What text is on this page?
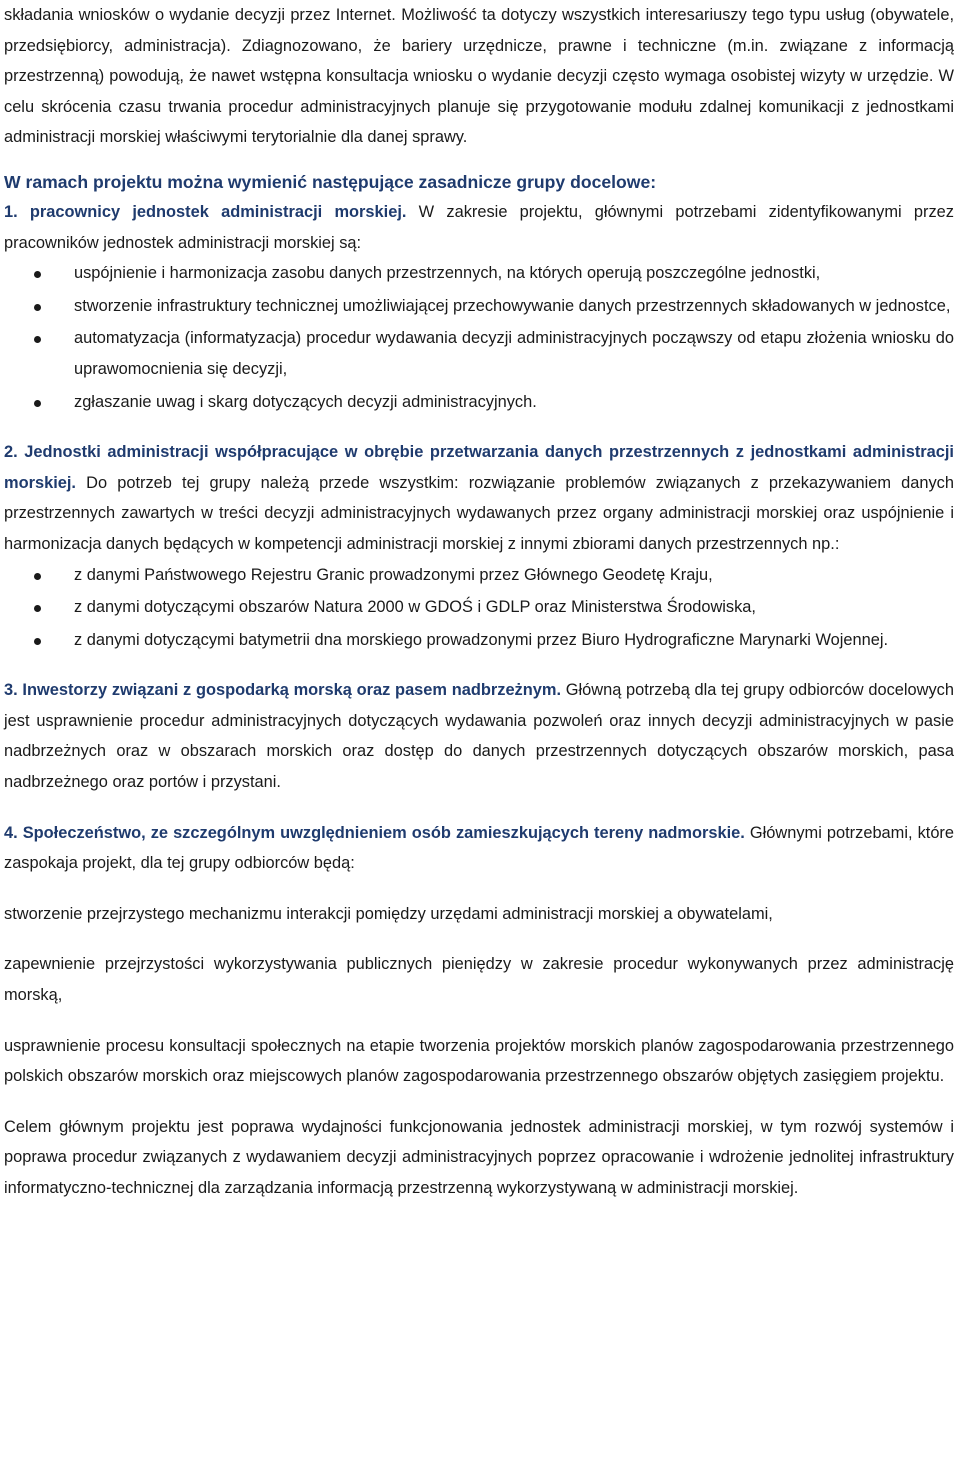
składania wniosków o wydanie decyzji przez Internet. Możliwość ta dotyczy wszystkich interesariuszy tego typu usług (obywatele, przedsiębiorcy, administracja). Zdiagnozowano, że bariery urzędnicze, prawne i techniczne (m.in. związane z informacją przestrzenną) powodują, że nawet wstępna konsultacja wniosku o wydanie decyzji często wymaga osobistej wizyty w urzędzie. W celu skrócenia czasu trwania procedur administracyjnych planuje się przygotowanie modułu zdalnej komunikacji z jednostkami administracji morskiej właściwymi terytorialnie dla danej sprawy.

W ramach projektu można wymienić następujące zasadnicze grupy docelowe:

1. pracownicy jednostek administracji morskiej. W zakresie projektu, głównymi potrzebami zidentyfikowanymi przez pracowników jednostek administracji morskiej są:

uspójnienie i harmonizacja zasobu danych przestrzennych, na których operują poszczególne jednostki,
stworzenie infrastruktury technicznej umożliwiającej przechowywanie danych przestrzennych składowanych w jednostce,
automatyzacja (informatyzacja) procedur wydawania decyzji administracyjnych począwszy od etapu złożenia wniosku do uprawomocnienia się decyzji,
zgłaszanie uwag i skarg dotyczących decyzji administracyjnych.

2. Jednostki administracji współpracujące w obrębie przetwarzania danych przestrzennych z jednostkami administracji morskiej. Do potrzeb tej grupy należą przede wszystkim: rozwiązanie problemów związanych z przekazywaniem danych przestrzennych zawartych w treści decyzji administracyjnych wydawanych przez organy administracji morskiej oraz uspójnienie i harmonizacja danych będących w kompetencji administracji morskiej z innymi zbiorami danych przestrzennych np.:

z danymi Państwowego Rejestru Granic prowadzonymi przez Głównego Geodetę Kraju,
z danymi dotyczącymi obszarów Natura 2000 w GDOŚ i GDLP oraz Ministerstwa Środowiska,
z danymi dotyczącymi batymetrii dna morskiego prowadzonymi przez Biuro Hydrograficzne Marynarki Wojennej.

3. Inwestorzy związani z gospodarką morską oraz pasem nadbrzeżnym. Główną potrzebą dla tej grupy odbiorców docelowych jest usprawnienie procedur administracyjnych dotyczących wydawania pozwoleń oraz innych decyzji administracyjnych w pasie nadbrzeżnych oraz w obszarach morskich oraz dostęp do danych przestrzennych dotyczących obszarów morskich, pasa nadbrzeżnego oraz portów i przystani.

4. Społeczeństwo, ze szczególnym uwzględnieniem osób zamieszkujących tereny nadmorskie. Głównymi potrzebami, które zaspokaja projekt, dla tej grupy odbiorców będą:

stworzenie przejrzystego mechanizmu interakcji pomiędzy urzędami administracji morskiej a obywatelami,

zapewnienie przejrzystości wykorzystywania publicznych pieniędzy w zakresie procedur wykonywanych przez administrację morską,

usprawnienie procesu konsultacji społecznych na etapie tworzenia projektów morskich planów zagospodarowania przestrzennego polskich obszarów morskich oraz miejscowych planów zagospodarowania przestrzennego obszarów objętych zasięgiem projektu.

Celem głównym projektu jest poprawa wydajności funkcjonowania jednostek administracji morskiej, w tym rozwój systemów i poprawa procedur związanych z wydawaniem decyzji administracyjnych poprzez opracowanie i wdrożenie jednolitej infrastruktury informatyczno-technicznej dla zarządzania informacją przestrzenną wykorzystywaną w administracji morskiej.
